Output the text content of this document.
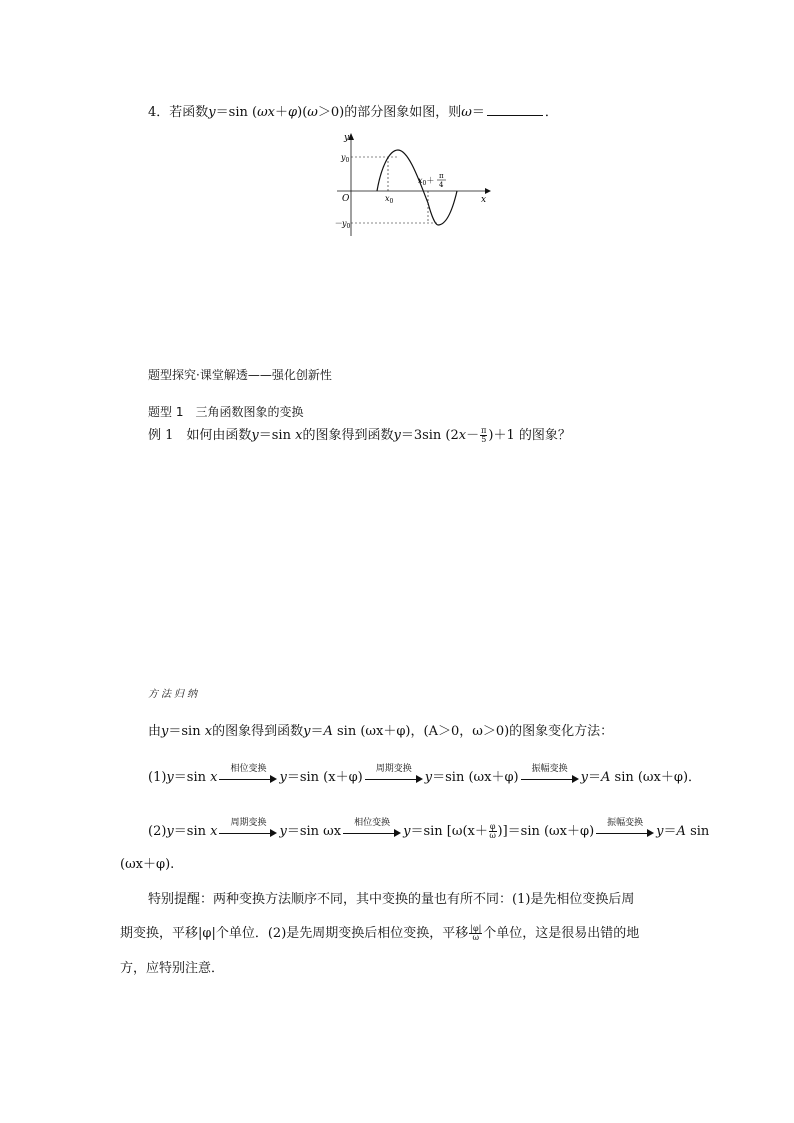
4．若函数y＝sin (ωx＋φ)(ω＞0)的部分图象如图，则ω＝	．
y
x
O
$y_0$
$-y_0$
$x_0$
$x_0+ \pi$
4
题型探究·课堂解透——强化创新性
题型 1　三角函数图象的变换
例 1　如何由函数y＝sin x的图象得到函数y＝3sin $(2x- \frac{\pi}{5} )+1$ 的图象？
方法归纳
由y＝sin x的图象得到函数y＝A sin (ωx＋φ)，(A＞0，ω＞0)的图象变化方法：
(1)y＝sin x
相位变换
y＝sin (x＋φ)
周期变换
y＝sin (ωx＋φ)
振幅变换
y＝A sin (ωx＋φ)．
(2)y＝sin x
周期变换
y＝sin ωx
相位变换
y＝sin $[\omega(x+ \frac{\varphi}{\omega} )]=\sin$ (ωx＋φ)
振幅变换
y＝A sin
(ωx＋φ).
特别提醒：两种变换方法顺序不同，其中变换的量也有所不同：(1)是先相位变换后周
期变换，平移|φ|个单位．(2)是先周期变换后相位变换，平移 $\frac{|\varphi|}{\omega}$ 个单位，这是很易出错的地
方，应特别注意．
